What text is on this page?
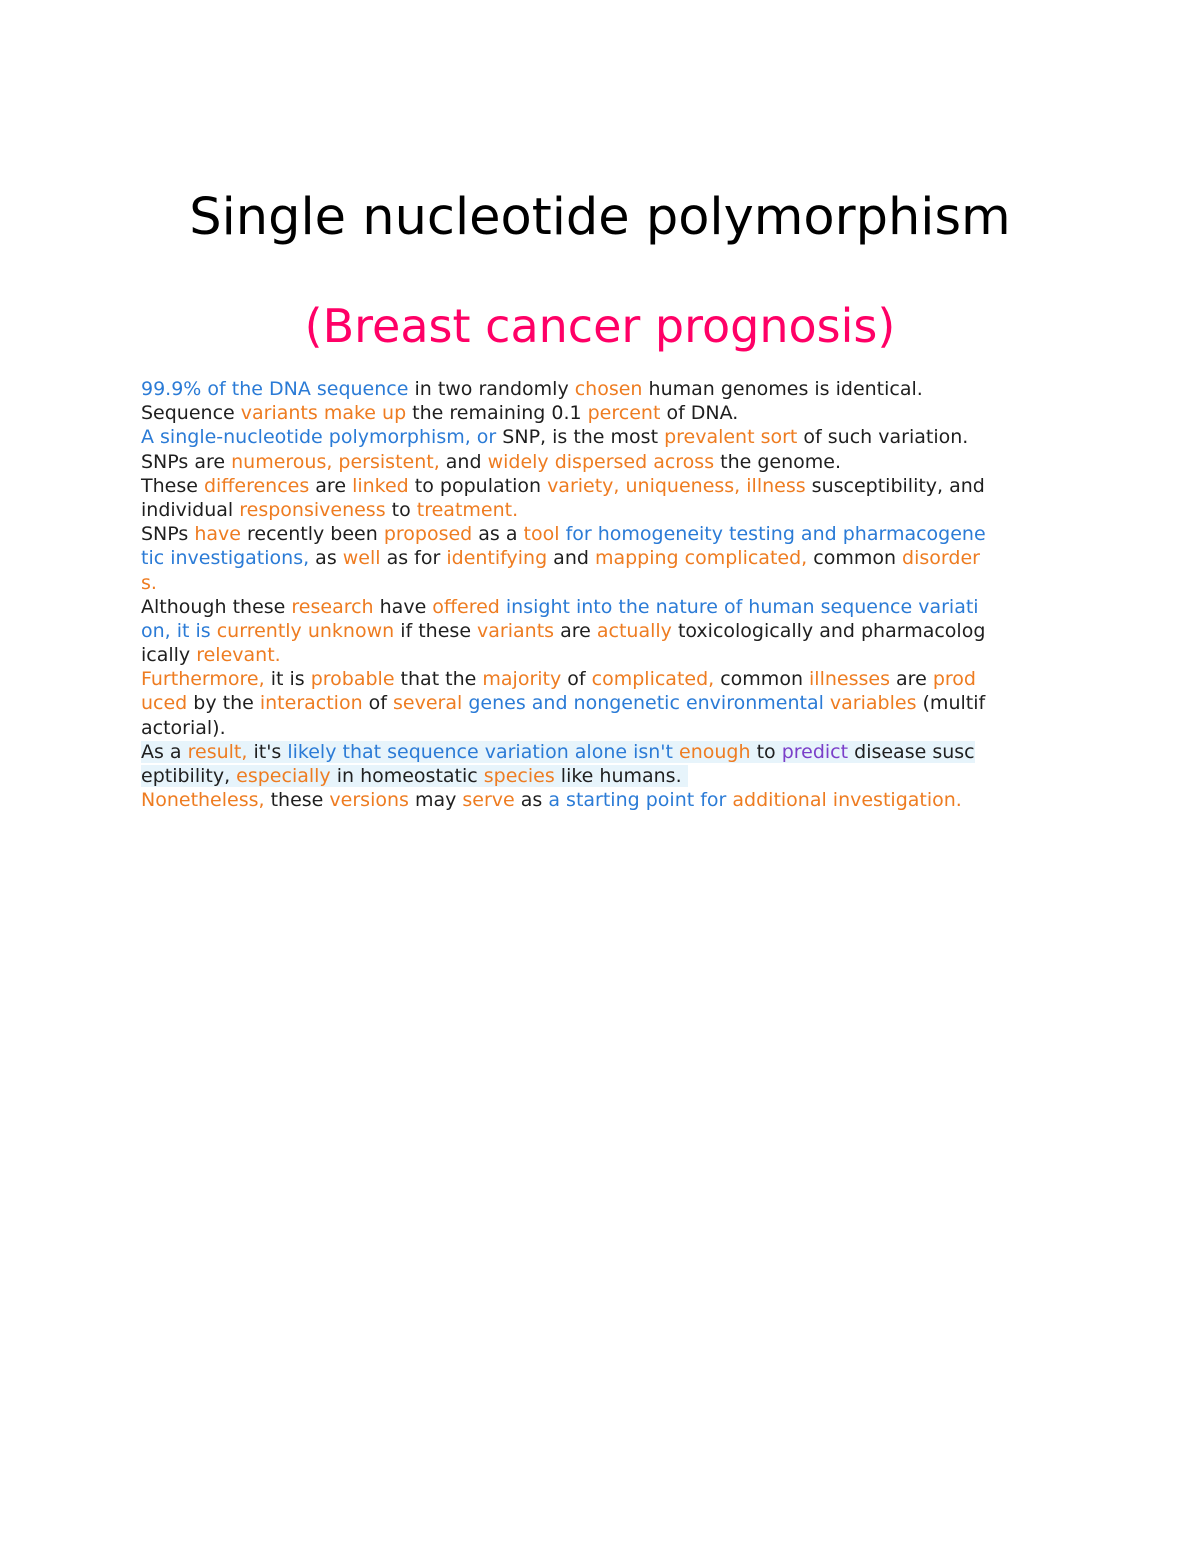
Single nucleotide polymorphism
(Breast cancer prognosis)
99.9% of the DNA sequence in two randomly chosen human genomes is identical.
Sequence variants make up the remaining 0.1 percent of DNA.
A single-nucleotide polymorphism, or SNP, is the most prevalent sort of such variation.
SNPs are numerous, persistent, and widely dispersed across the genome.
These differences are linked to population variety, uniqueness, illness susceptibility, and
individual responsiveness to treatment.
SNPs have recently been proposed as a tool for homogeneity testing and pharmacogene
tic investigations, as well as for identifying and mapping complicated, common disorder
s.
Although these research have offered insight into the nature of human sequence variati
on, it is currently unknown if these variants are actually toxicologically and pharmacolog
ically relevant.
Furthermore, it is probable that the majority of complicated, common illnesses are prod
uced by the interaction of several genes and nongenetic environmental variables (multif
actorial).
As a result, it's likely that sequence variation alone isn't enough to predict disease susc
eptibility, especially in homeostatic species like humans.
Nonetheless, these versions may serve as a starting point for additional investigation.
